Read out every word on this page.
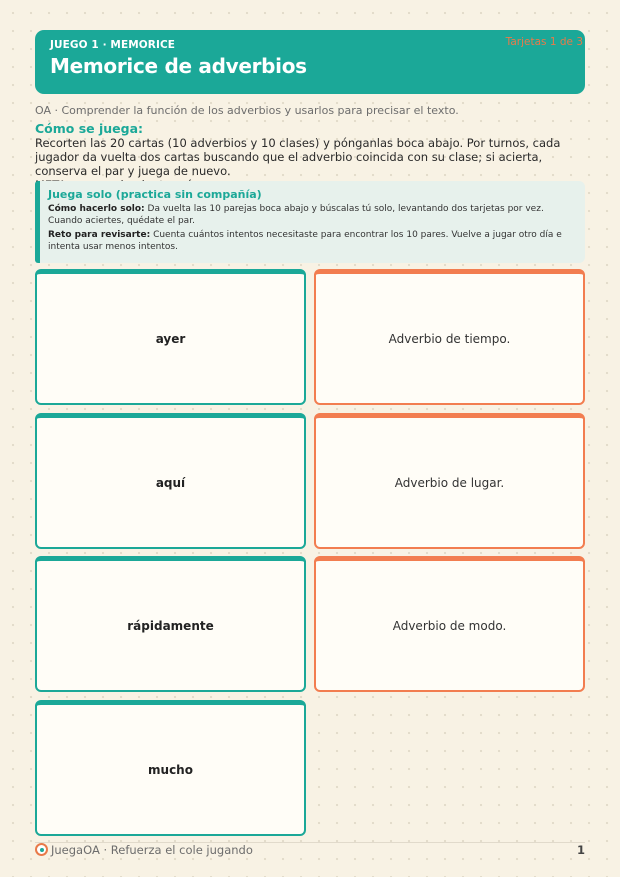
JUEGO 1 · MEMORICE
Memorice de adverbios
Tarjetas 1 de 3
OA · Comprender la función de los adverbios y usarlos para precisar el texto.
Cómo se juega:

Recorten las 20 cartas (10 adverbios y 10 clases) y pónganlas boca abajo. Por turnos, cada jugador da vuelta dos cartas buscando que el adverbio coincida con su clase; si acierta, conserva el par y juega de nuevo.

Juega solo (practica sin compañía)
Cómo hacerlo solo: Da vuelta las 10 parejas boca abajo y búscalas tú solo, levantando dos tarjetas por vez. Cuando aciertes, quédate el par.
Reto para revisarte: Cuenta cuántos intentos necesitaste para encontrar los 10 pares. Vuelve a jugar otro día e intenta usar menos intentos.
ayer	Adverbio de tiempo.
aquí	Adverbio de lugar.
rápidamente	Adverbio de modo.
mucho
JuegaOA · Refuerza el cole jugando	1
